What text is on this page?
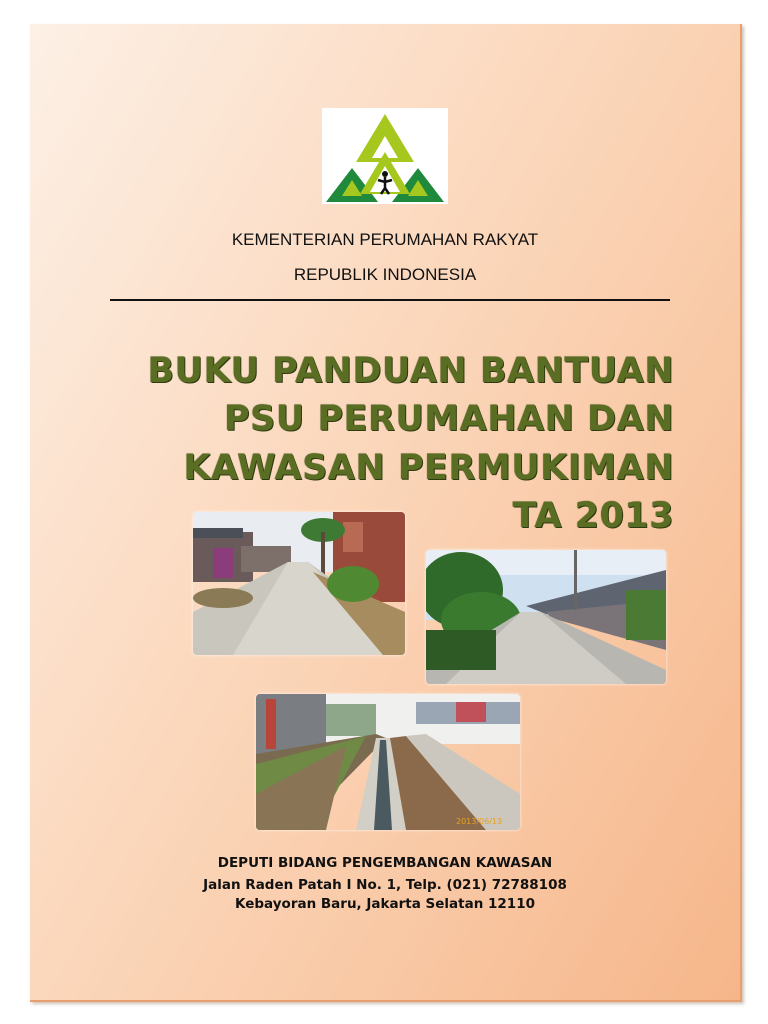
KEMENTERIAN PERUMAHAN RAKYAT
REPUBLIK INDONESIA
BUKU PANDUAN BANTUAN
PSU PERUMAHAN DAN
KAWASAN PERMUKIMAN
TA 2013
2013/06/13
DEPUTI BIDANG PENGEMBANGAN KAWASAN
Jalan Raden Patah I No. 1, Telp. (021) 72788108
Kebayoran Baru, Jakarta Selatan 12110
